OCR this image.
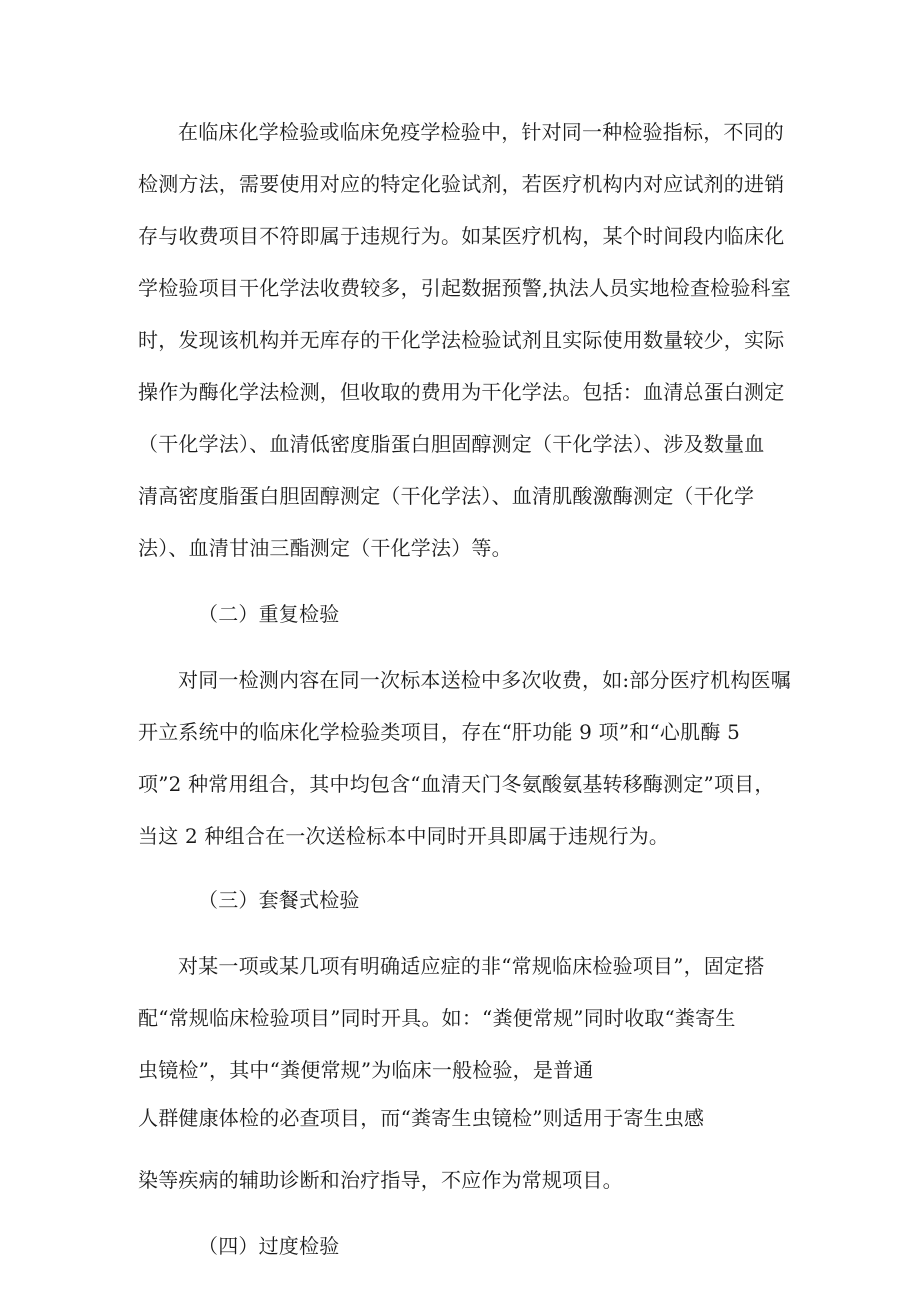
在临床化学检验或临床免疫学检验中，针对同一种检验指标，不同的
检测方法，需要使用对应的特定化验试剂，若医疗机构内对应试剂的进销
存与收费项目不符即属于违规行为。如某医疗机构，某个时间段内临床化
学检验项目干化学法收费较多，引起数据预警,执法人员实地检查检验科室
时，发现该机构并无库存的干化学法检验试剂且实际使用数量较少，实际
操作为酶化学法检测，但收取的费用为干化学法。包括：血清总蛋白测定
（干化学法）、血清低密度脂蛋白胆固醇测定（干化学法）、涉及数量血
清高密度脂蛋白胆固醇测定（干化学法）、血清肌酸激酶测定（干化学
法）、血清甘油三酯测定（干化学法）等。
（二）重复检验
对同一检测内容在同一次标本送检中多次收费，如:部分医疗机构医嘱
开立系统中的临床化学检验类项目，存在“肝功能 9 项”和“心肌酶 5
项”2 种常用组合，其中均包含“血清天门冬氨酸氨基转移酶测定”项目，
当这 2 种组合在一次送检标本中同时开具即属于违规行为。
（三）套餐式检验
对某一项或某几项有明确适应症的非“常规临床检验项目”，固定搭
配“常规临床检验项目”同时开具。如：“粪便常规”同时收取“粪寄生
虫镜检”，其中“粪便常规”为临床一般检验，是普通
人群健康体检的必查项目，而“粪寄生虫镜检”则适用于寄生虫感
染等疾病的辅助诊断和治疗指导，不应作为常规项目。
（四）过度检验
